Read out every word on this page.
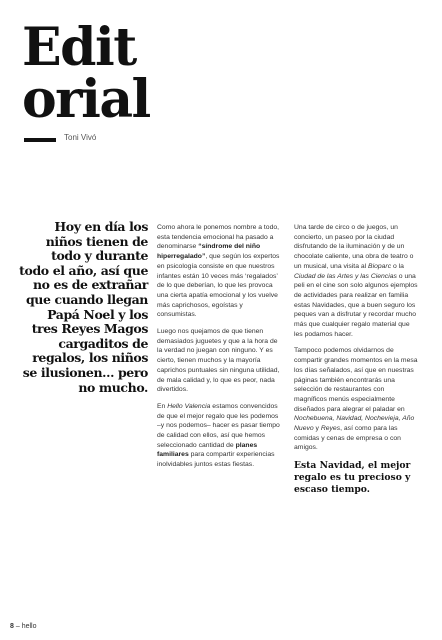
Edit
orial
Toni Vivó

Hoy en día los niños tienen de todo y durante todo el año, así que no es de extrañar que cuando llegan Papá Noel y los tres Reyes Magos cargaditos de regalos, los niños se ilusionen... pero no mucho.

Como ahora le ponemos nombre a todo, esta tendencia emocional ha pasado a denominarse “síndrome del niño hiperregalado”, que según los expertos en psicología consiste en que nuestros infantes están 10 veces más ‘regalados’ de lo que deberían, lo que les provoca una cierta apatía emocional y los vuelve más caprichosos, egoístas y consumistas.

Luego nos quejamos de que tienen demasiados juguetes y que a la hora de la verdad no juegan con ninguno. Y es cierto, tienen muchos y la mayoría caprichos puntuales sin ninguna utilidad, de mala calidad y, lo que es peor, nada divertidos.

En Hello Valencia estamos convencidos de que el mejor regalo que les podemos –y nos podemos– hacer es pasar tiempo de calidad con ellos, así que hemos seleccionado cantidad de planes familiares para compartir experiencias inolvidables juntos estas fiestas.

Una tarde de circo o de juegos, un concierto, un paseo por la ciudad disfrutando de la iluminación y de un chocolate caliente, una obra de teatro o un musical, una visita al Bioparc o la Ciudad de las Artes y las Ciencias o una peli en el cine son solo algunos ejemplos de actividades para realizar en familia estas Navidades, que a buen seguro los peques van a disfrutar y recordar mucho más que cualquier regalo material que les podamos hacer.

Tampoco podemos olvidarnos de compartir grandes momentos en la mesa los días señalados, así que en nuestras páginas también encontrarás una selección de restaurantes con magníficos menús especialmente diseñados para alegrar el paladar en Nochebuena, Navidad, Nochevieja, Año Nuevo y Reyes, así como para las comidas y cenas de empresa o con amigos.

Esta Navidad, el mejor regalo es tu precioso y escaso tiempo.

8 – hello
